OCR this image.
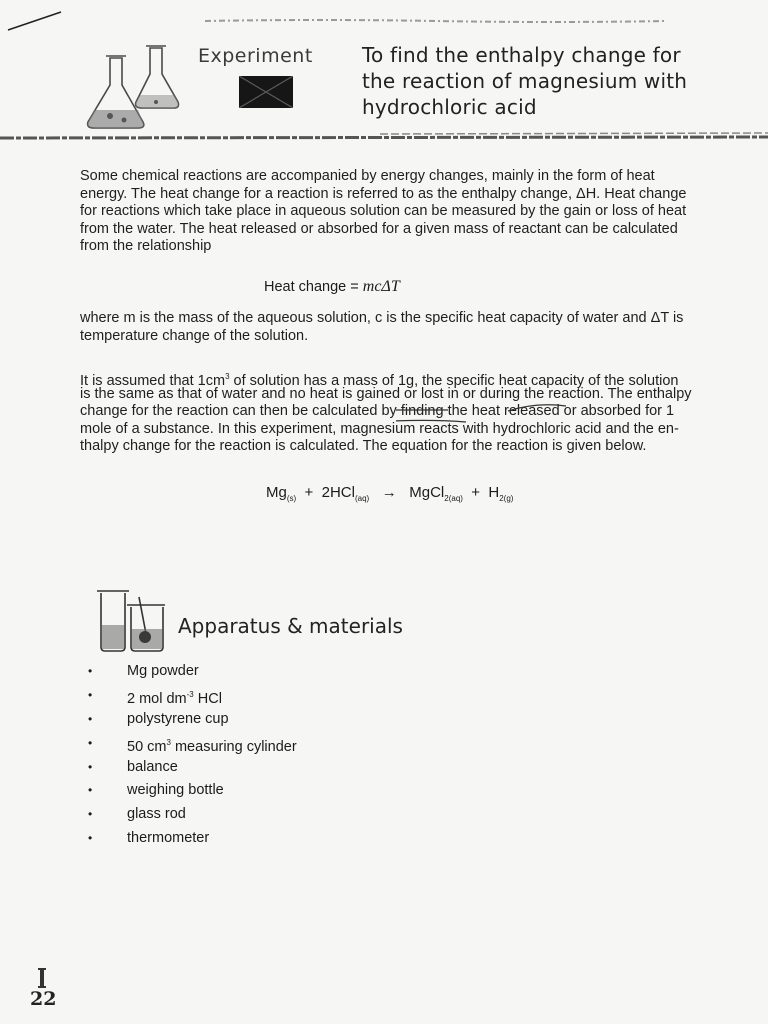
Experiment To find the enthalpy change for
the reaction of magnesium with
hydrochloric acid
Some chemical reactions are accompanied by energy changes, mainly in the form of heat
energy. The heat change for a reaction is referred to as the enthalpy change, ΔH. Heat change
for reactions which take place in aqueous solution can be measured by the gain or loss of heat
from the water. The heat released or absorbed for a given mass of reactant can be calculated
from the relationship
Heat change = mcΔT
where m is the mass of the aqueous solution, c is the specific heat capacity of water and ΔT is
temperature change of the solution.
It is assumed that $1cm^3$ of solution has a mass of 1g, the specific heat capacity of the solution
is the same as that of water and no heat is gained or lost in or during the reaction. The enthalpy
change for the reaction can then be calculated by finding the heat released or absorbed for 1
mole of a substance. In this experiment, magnesium reacts with hydrochloric acid and the en-
thalpy change for the reaction is calculated. The equation for the reaction is given below.
$Mg_{(s)} + 2HCl_{(aq)}$ → MgCl$_{2(aq)}$ + $H_{2(g)}$
Apparatus & materials
• Mg powder
• 2 mol $dm^{-3}$ HCl
• polystyrene cup
• 50 $cm^3$ measuring cylinder
• balance
• weighing bottle
• glass rod
• thermometer
22
